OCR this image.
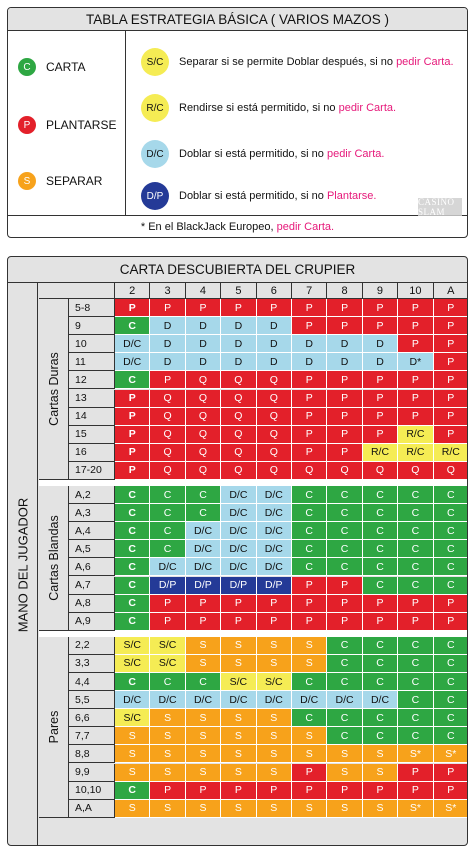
TABLA ESTRATEGIA BÁSICA ( VARIOS MAZOS )
C	CARTA
P	PLANTARSE
S	SEPARAR
S/C	Separar si se permite Doblar después, si no pedir Carta.
R/C	Rendirse si está permitido, si no pedir Carta.
D/C	Doblar si está permitido, si no pedir Carta.
D/P	Doblar si está permitido, si no Plantarse.	CASINO SLAM
* En el BlackJack Europeo, pedir Carta.
CARTA DESCUBIERTA DEL CRUPIER
MANO DEL JUGADOR
2	3	4	5	6	7	8	9	10	A
5-8	P	P	P	P	P	P	P	P	P	P
9	C	D	D	D	D	P	P	P	P	P
10	D/C	D	D	D	D	D	D	D	P	P
11	D/C	D	D	D	D	D	D	D	D*	P
12	C	P	Q	Q	Q	P	P	P	P	P
13	P	Q	Q	Q	Q	P	P	P	P	P
14	P	Q	Q	Q	Q	P	P	P	P	P
15	P	Q	Q	Q	Q	P	P	P	R/C	P
16	P	Q	Q	Q	Q	P	P	R/C	R/C	R/C
17-20	P	Q	Q	Q	Q	Q	Q	Q	Q	Q
Cartas Duras
A,2	C	C	C	D/C	D/C	C	C	C	C	C
A,3	C	C	C	D/C	D/C	C	C	C	C	C
A,4	C	C	D/C	D/C	D/C	C	C	C	C	C
A,5	C	C	D/C	D/C	D/C	C	C	C	C	C
A,6	C	D/C	D/C	D/C	D/C	C	C	C	C	C
A,7	C	D/P	D/P	D/P	D/P	P	P	C	C	C
A,8	C	P	P	P	P	P	P	P	P	P
A,9	C	P	P	P	P	P	P	P	P	P
Cartas Blandas
2,2	S/C	S/C	S	S	S	S	C	C	C	C
3,3	S/C	S/C	S	S	S	S	C	C	C	C
4,4	C	C	C	S/C	S/C	C	C	C	C	C
5,5	D/C	D/C	D/C	D/C	D/C	D/C	D/C	D/C	C	C
6,6	S/C	S	S	S	S	C	C	C	C	C
7,7	S	S	S	S	S	S	C	C	C	C
8,8	S	S	S	S	S	S	S	S	S*	S*
9,9	S	S	S	S	S	P	S	S	P	P
10,10	C	P	P	P	P	P	P	P	P	P
A,A	S	S	S	S	S	S	S	S	S*	S*
Pares
